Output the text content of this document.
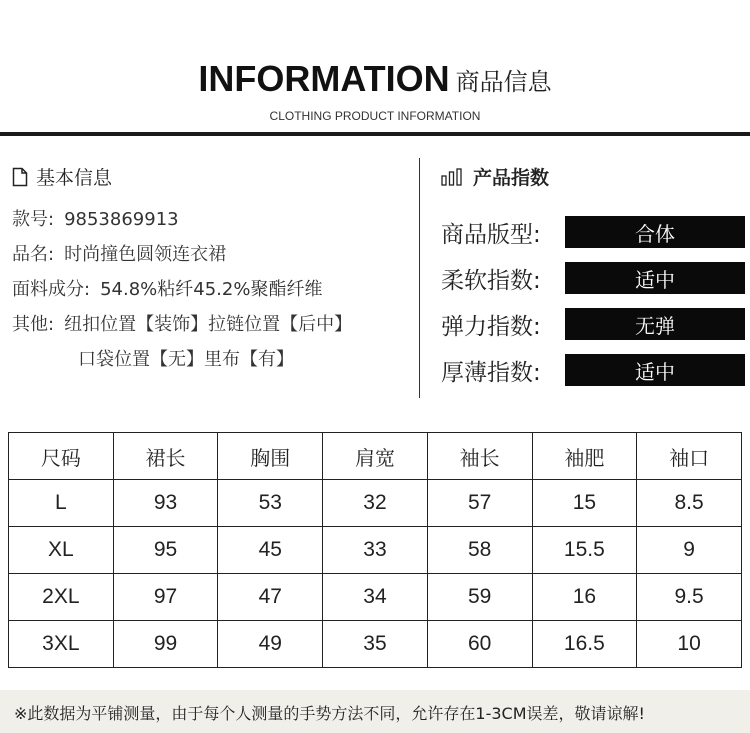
INFORMATION 商品信息
CLOTHING PRODUCT INFORMATION
基本信息
款号: 9853869913
品名: 时尚撞色圆领连衣裙
面料成分: 54.8%粘纤45.2%聚酯纤维
其他: 纽扣位置【装饰】拉链位置【后中】
口袋位置【无】里布【有】
产品指数
商品版型:	合体
柔软指数:	适中
弹力指数:	无弹
厚薄指数:	适中
尺码	裙长	胸围	肩宽	袖长	袖肥	袖口
L	93	53	32	57	15	8.5
XL	95	45	33	58	15.5	9
2XL	97	47	34	59	16	9.5
3XL	99	49	35	60	16.5	10
※此数据为平铺测量，由于每个人测量的手势方法不同，允许存在1-3CM误差，敬请谅解!
